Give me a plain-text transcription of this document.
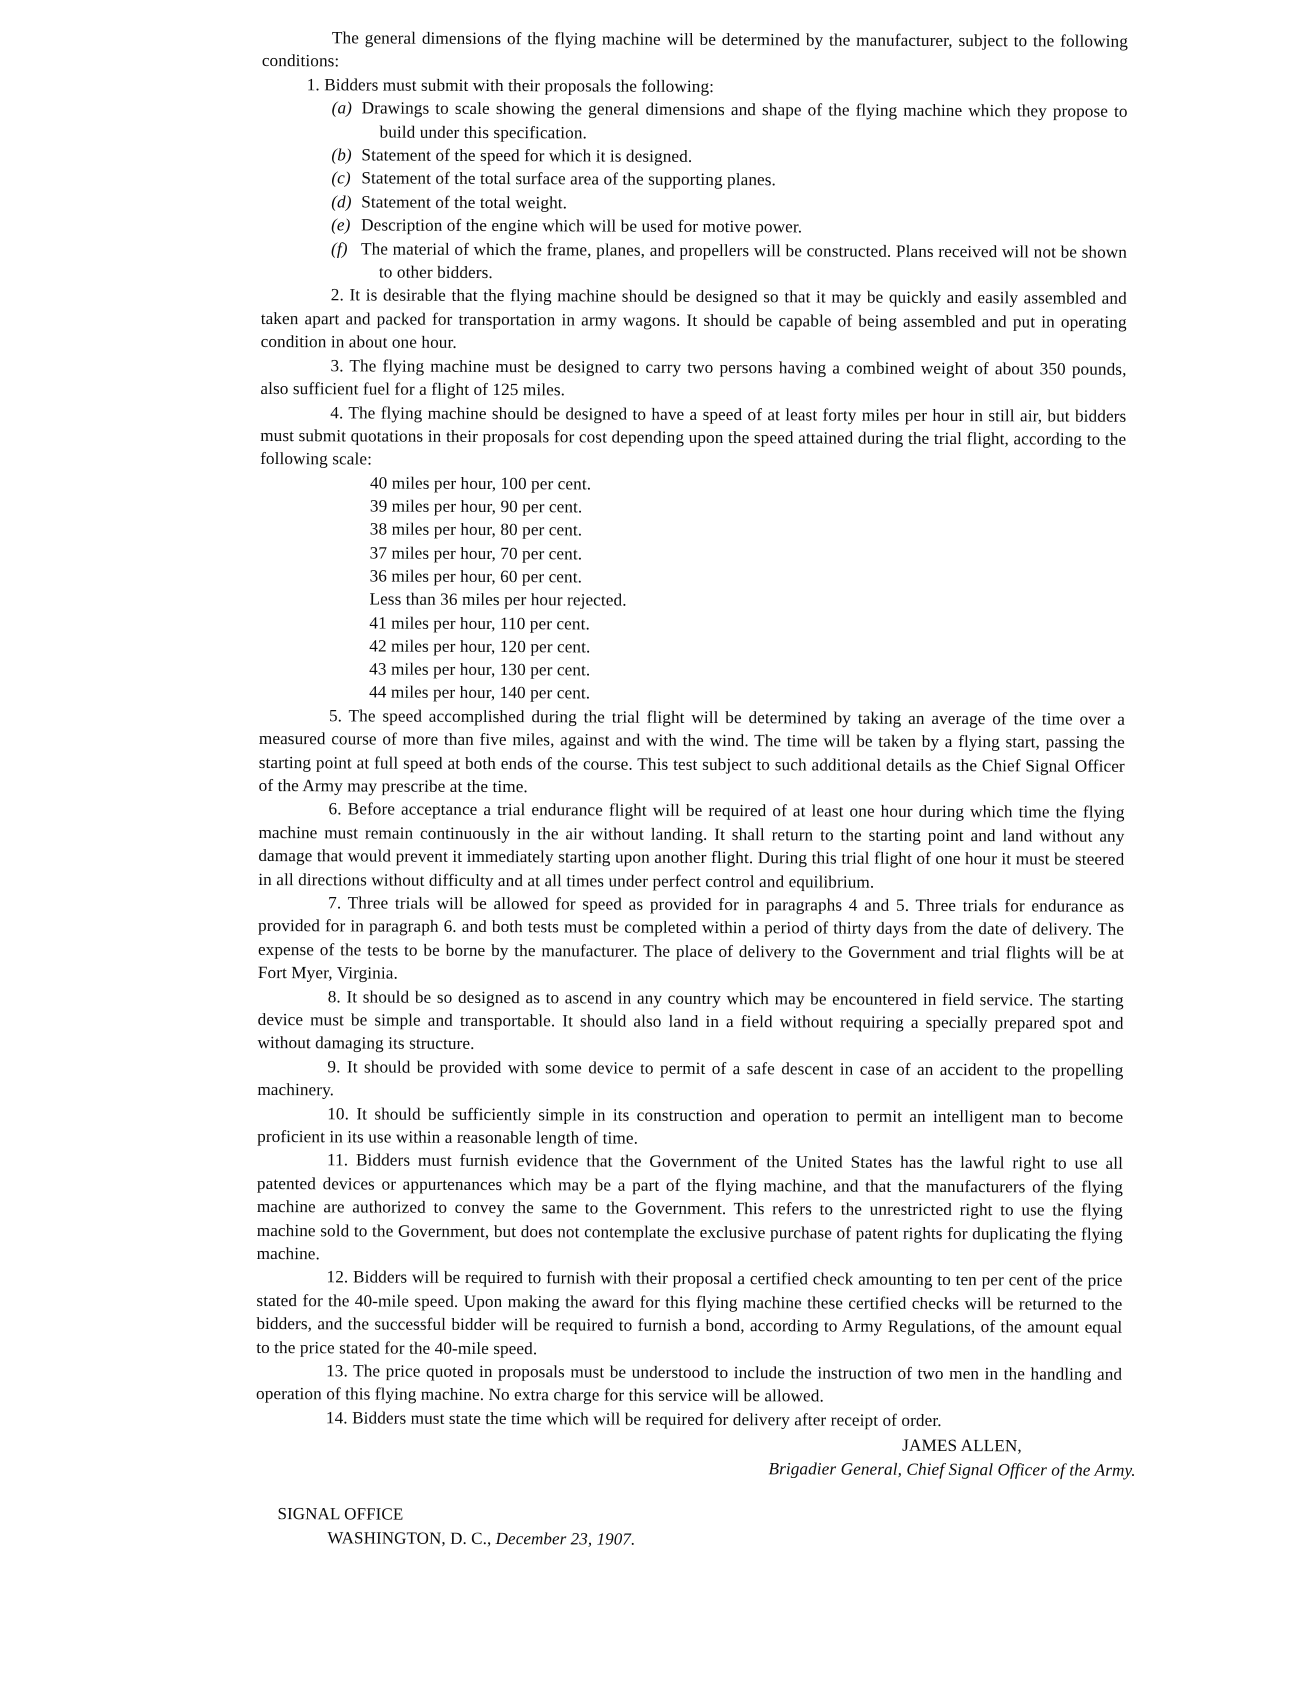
The general dimensions of the flying machine will be determined by the manufacturer, subject to the following conditions:

1. Bidders must submit with their proposals the following:

(a) Drawings to scale showing the general dimensions and shape of the flying machine which they propose to build under this specification.

(b) Statement of the speed for which it is designed.

(c) Statement of the total surface area of the supporting planes.

(d) Statement of the total weight.

(e) Description of the engine which will be used for motive power.

(f) The material of which the frame, planes, and propellers will be constructed. Plans received will not be shown to other bidders.

2. It is desirable that the flying machine should be designed so that it may be quickly and easily assembled and taken apart and packed for transportation in army wagons. It should be capable of being assembled and put in operating condition in about one hour.

3. The flying machine must be designed to carry two persons having a combined weight of about 350 pounds, also sufficient fuel for a flight of 125 miles.

4. The flying machine should be designed to have a speed of at least forty miles per hour in still air, but bidders must submit quotations in their proposals for cost depending upon the speed attained during the trial flight, according to the following scale:

40 miles per hour, 100 per cent.
39 miles per hour, 90 per cent.
38 miles per hour, 80 per cent.
37 miles per hour, 70 per cent.
36 miles per hour, 60 per cent.
Less than 36 miles per hour rejected.
41 miles per hour, 110 per cent.
42 miles per hour, 120 per cent.
43 miles per hour, 130 per cent.
44 miles per hour, 140 per cent.

5. The speed accomplished during the trial flight will be determined by taking an average of the time over a measured course of more than five miles, against and with the wind. The time will be taken by a flying start, passing the starting point at full speed at both ends of the course. This test subject to such additional details as the Chief Signal Officer of the Army may prescribe at the time.

6. Before acceptance a trial endurance flight will be required of at least one hour during which time the flying machine must remain continuously in the air without landing. It shall return to the starting point and land without any damage that would prevent it immediately starting upon another flight. During this trial flight of one hour it must be steered in all directions without difficulty and at all times under perfect control and equilibrium.

7. Three trials will be allowed for speed as provided for in paragraphs 4 and 5. Three trials for endurance as provided for in paragraph 6. and both tests must be completed within a period of thirty days from the date of delivery. The expense of the tests to be borne by the manufacturer. The place of delivery to the Government and trial flights will be at Fort Myer, Virginia.

8. It should be so designed as to ascend in any country which may be encountered in field service. The starting device must be simple and transportable. It should also land in a field without requiring a specially prepared spot and without damaging its structure.

9. It should be provided with some device to permit of a safe descent in case of an accident to the propelling machinery.

10. It should be sufficiently simple in its construction and operation to permit an intelligent man to become proficient in its use within a reasonable length of time.

11. Bidders must furnish evidence that the Government of the United States has the lawful right to use all patented devices or appurtenances which may be a part of the flying machine, and that the manufacturers of the flying machine are authorized to convey the same to the Government. This refers to the unrestricted right to use the flying machine sold to the Government, but does not contemplate the exclusive purchase of patent rights for duplicating the flying machine.

12. Bidders will be required to furnish with their proposal a certified check amounting to ten per cent of the price stated for the 40-mile speed. Upon making the award for this flying machine these certified checks will be returned to the bidders, and the successful bidder will be required to furnish a bond, according to Army Regulations, of the amount equal to the price stated for the 40-mile speed.

13. The price quoted in proposals must be understood to include the instruction of two men in the handling and operation of this flying machine. No extra charge for this service will be allowed.

14. Bidders must state the time which will be required for delivery after receipt of order.

JAMES ALLEN,
Brigadier General, Chief Signal Officer of the Army.
SIGNAL OFFICE
WASHINGTON, D. C., December 23, 1907.
